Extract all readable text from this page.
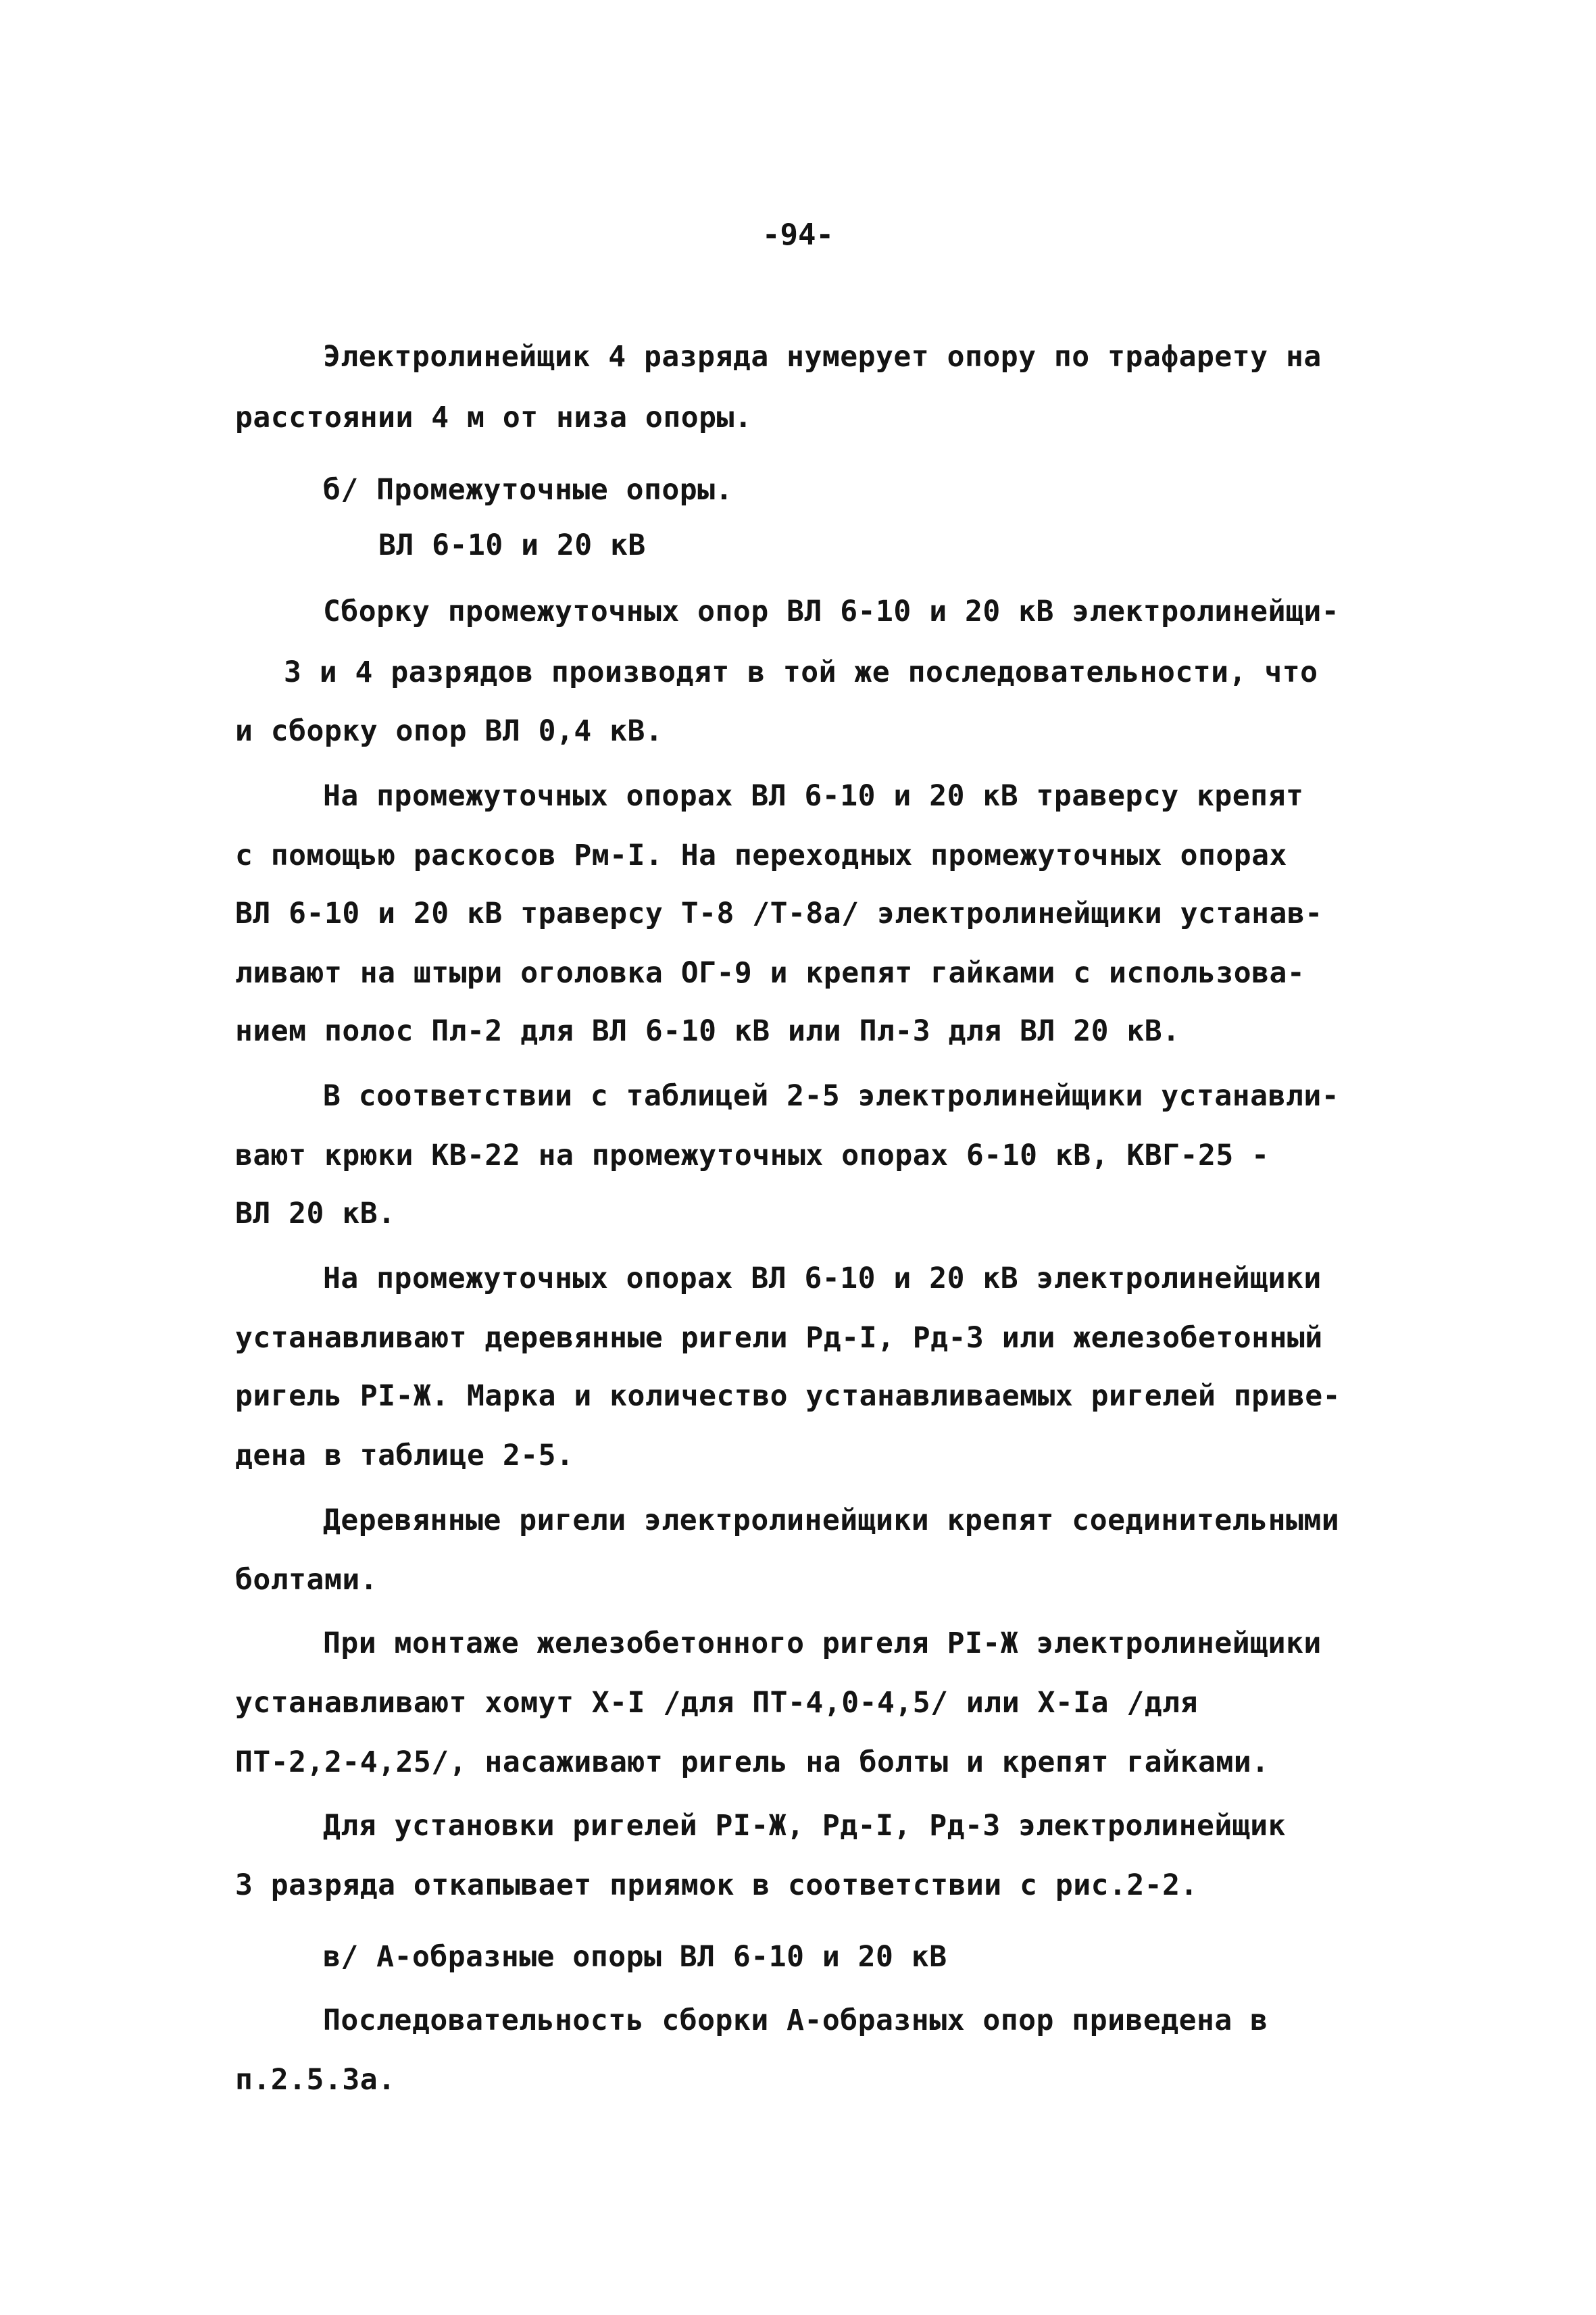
-94-
Электролинейщик 4 разряда нумерует опору по трафарету на
расстоянии 4 м от низа опоры.
б/ Промежуточные опоры.
ВЛ 6-10 и 20 кВ
Сборку промежуточных опор ВЛ 6-10 и 20 кВ электролинейщи-
3 и 4 разрядов производят в той же последовательности, что
и сборку опор ВЛ 0,4 кВ.
На промежуточных опорах ВЛ 6-10 и 20 кВ траверсу крепят
с помощью раскосов Рм-I. На переходных промежуточных опорах
ВЛ 6-10 и 20 кВ траверсу Т-8 /Т-8а/ электролинейщики устанав-
ливают на штыри оголовка ОГ-9 и крепят гайками с использова-
нием полос Пл-2 для ВЛ 6-10 кВ или Пл-3 для ВЛ 20 кВ.
В соответствии с таблицей 2-5 электролинейщики устанавли-
вают крюки КВ-22 на промежуточных опорах 6-10 кВ, КВГ-25 -
ВЛ 20 кВ.
На промежуточных опорах ВЛ 6-10 и 20 кВ электролинейщики
устанавливают деревянные ригели Рд-I, Рд-3 или железобетонный
ригель РI-Ж. Марка и количество устанавливаемых ригелей приве-
дена в таблице 2-5.
Деревянные ригели электролинейщики крепят соединительными
болтами.
При монтаже железобетонного ригеля РI-Ж электролинейщики
устанавливают хомут Х-I /для ПТ-4,0-4,5/ или Х-Iа /для
ПТ-2,2-4,25/, насаживают ригель на болты и крепят гайками.
Для установки ригелей РI-Ж, Рд-I, Рд-3 электролинейщик
3 разряда откапывает приямок в соответствии с рис.2-2.
в/ А-образные опоры ВЛ 6-10 и 20 кВ
Последовательность сборки А-образных опор приведена в
п.2.5.3а.
